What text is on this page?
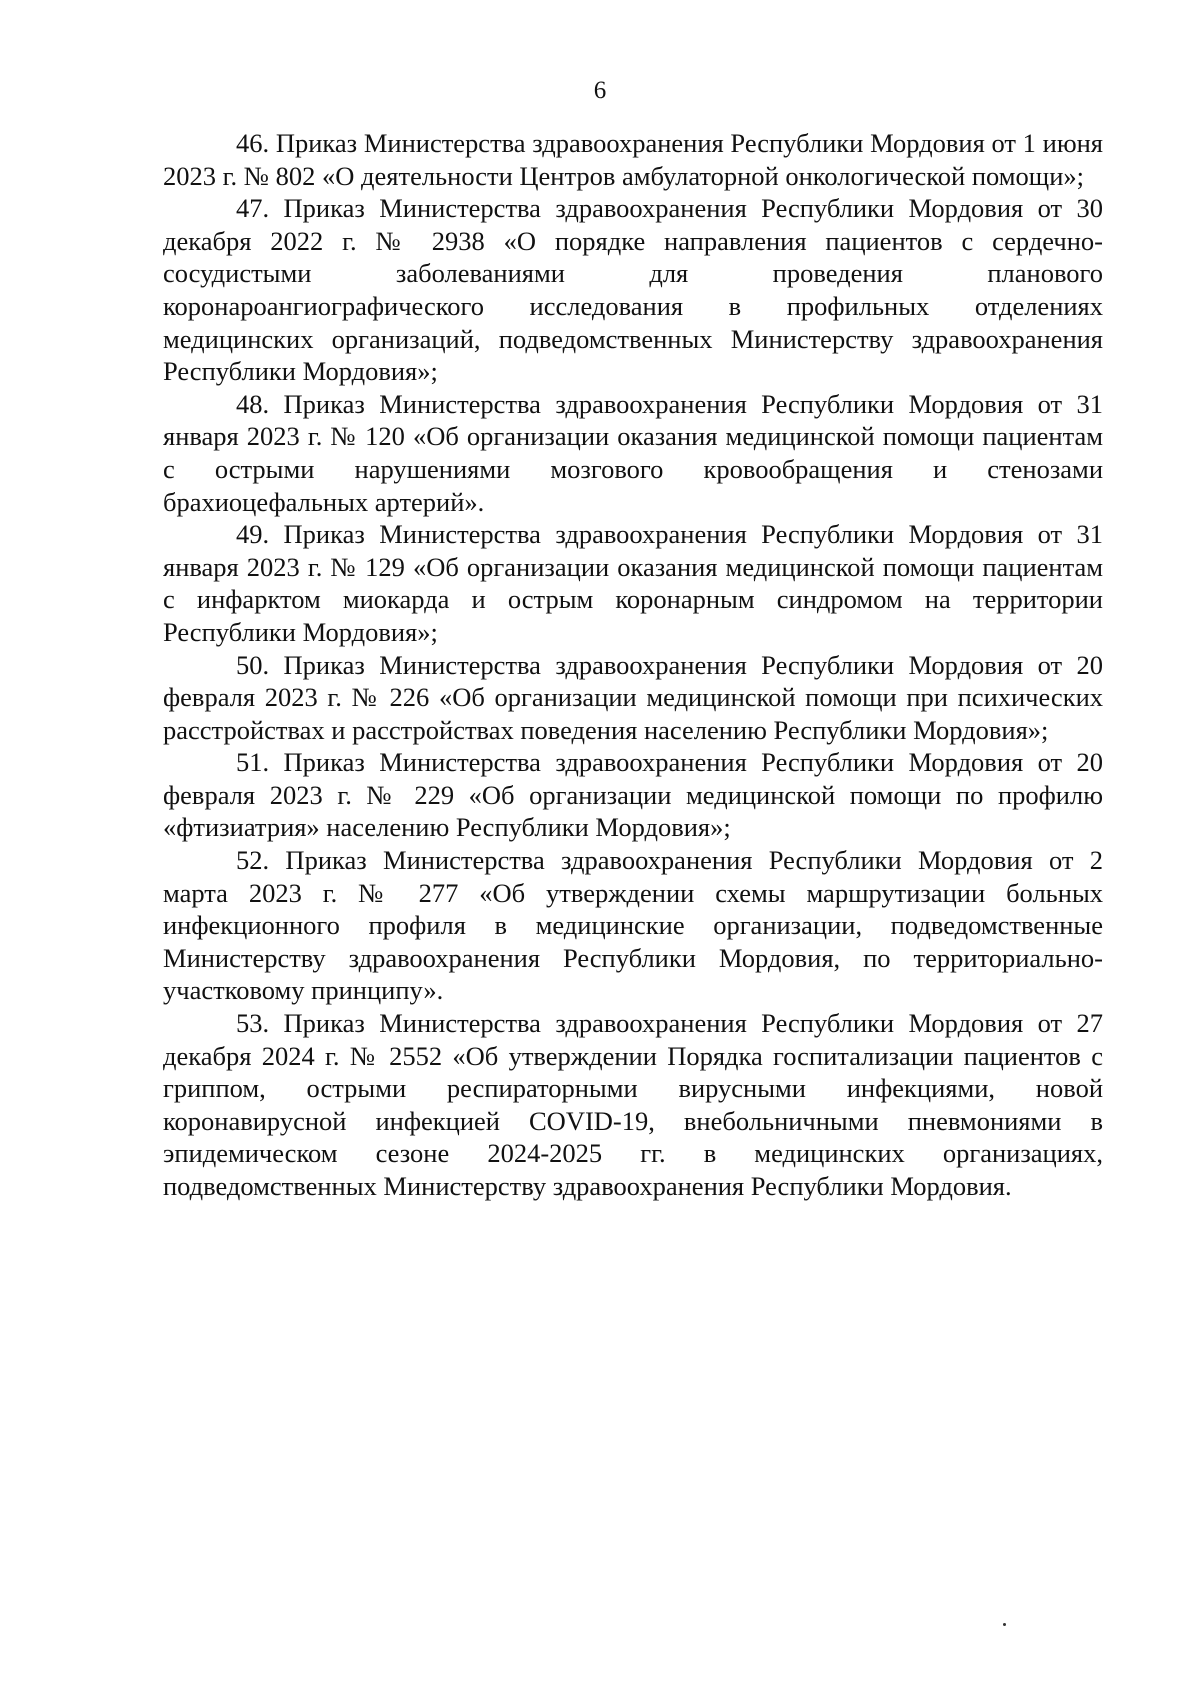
6

46. Приказ Министерства здравоохранения Республики Мордовия от 1 июня 2023 г. № 802 «О деятельности Центров амбулаторной онкологической помощи»;

47. Приказ Министерства здравоохранения Республики Мордовия от 30 декабря 2022 г. № 2938 «О порядке направления пациентов с сердечно-сосудистыми заболеваниями для проведения планового коронароангиографического исследования в профильных отделениях медицинских организаций, подведомственных Министерству здравоохранения Республики Мордовия»;

48. Приказ Министерства здравоохранения Республики Мордовия от 31 января 2023 г. № 120 «Об организации оказания медицинской помощи пациентам с острыми нарушениями мозгового кровообращения и стенозами брахиоцефальных артерий».

49. Приказ Министерства здравоохранения Республики Мордовия от 31 января 2023 г. № 129 «Об организации оказания медицинской помощи пациентам с инфарктом миокарда и острым коронарным синдромом на территории Республики Мордовия»;

50. Приказ Министерства здравоохранения Республики Мордовия от 20 февраля 2023 г. № 226 «Об организации медицинской помощи при психических расстройствах и расстройствах поведения населению Республики Мордовия»;

51. Приказ Министерства здравоохранения Республики Мордовия от 20 февраля 2023 г. № 229 «Об организации медицинской помощи по профилю «фтизиатрия» населению Республики Мордовия»;

52. Приказ Министерства здравоохранения Республики Мордовия от 2 марта 2023 г. № 277 «Об утверждении схемы маршрутизации больных инфекционного профиля в медицинские организации, подведомственные Министерству здравоохранения Республики Мордовия, по территориально-участковому принципу».

53. Приказ Министерства здравоохранения Республики Мордовия от 27 декабря 2024 г. № 2552 «Об утверждении Порядка госпитализации пациентов с гриппом, острыми респираторными вирусными инфекциями, новой коронавирусной инфекцией COVID-19, внебольничными пневмониями в эпидемическом сезоне 2024-2025 гг. в медицинских организациях, подведомственных Министерству здравоохранения Республики Мордовия.
